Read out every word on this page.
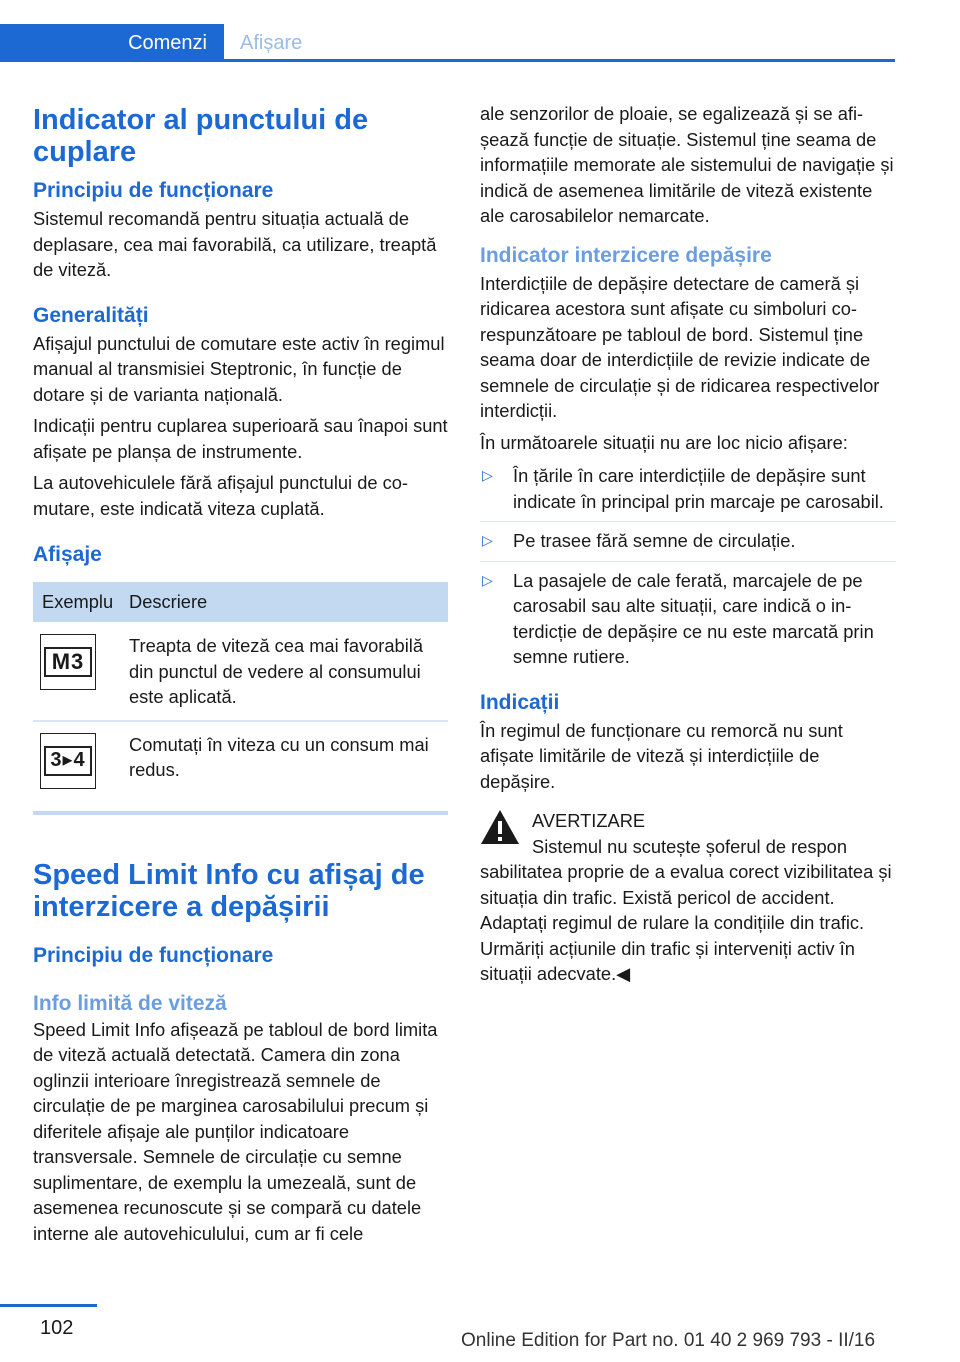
Comenzi	Afișare
Indicator al punctului de cuplare
Principiu de funcționare

Sistemul recomandă pentru situația actuală de deplasare, cea mai favorabilă, ca utilizare, treaptă de viteză.

Generalități

Afișajul punctului de comutare este activ în regimul manual al transmisiei Steptronic, în funcție de dotare și de varianta națională.

Indicații pentru cuplarea superioară sau înapoi sunt afișate pe planșa de instrumente.

La autovehiculele fără afișajul punctului de comutare, este indicată viteza cuplată.

Afișaje
Exemplu	Descriere

M3	Treapta de viteză cea mai favorabilă din punctul de vedere al consumului este aplicată.

3▸4	Comutați în viteza cu un consum mai redus.
Speed Limit Info cu afișaj de interzicere a depășirii
Principiu de funcționare
Info limită de viteză

Speed Limit Info afișează pe tabloul de bord limita de viteză actuală detectată. Camera din zona oglinzii interioare înregistrează semnele de circulație de pe marginea carosabilului precum și diferitele afișaje ale punților indicatoare transversale. Semnele de circulație cu semne suplimentare, de exemplu la umezeală, sunt de asemenea recunoscute și se compară cu datele interne ale autovehiculului, cum ar fi cele

ale senzorilor de ploaie, se egalizează și se afișează funcție de situație. Sistemul ține seama de informațiile memorate ale sistemului de navigație și indică de asemenea limitările de viteză existente ale carosabilelor nemarcate.

Indicator interzicere depășire

Interdicțiile de depășire detectare de cameră și ridicarea acestora sunt afișate cu simboluri corespunzătoare pe tabloul de bord. Sistemul ține seama doar de interdicțiile de revizie indicate de semnele de circulație și de ridicarea respectivelor interdicții.

În următoarele situații nu are loc nicio afișare:

▷ În țările în care interdicțiile de depășire sunt indicate în principal prin marcaje pe carosabil.
▷ Pe trasee fără semne de circulație.
▷ La pasajele de cale ferată, marcajele de pe carosabil sau alte situații, care indică o interdicție de depășire ce nu este marcată prin semne rutiere.
Indicații

În regimul de funcționare cu remorcă nu sunt afișate limitările de viteză și interdicțiile de depășire.

AVERTIZARE

Sistemul nu scutește șoferul de respon

sabilitatea proprie de a evalua corect vizibilitatea și situația din trafic. Există pericol de accident. Adaptați regimul de rulare la condițiile din trafic. Urmăriți acțiunile din trafic și interveniți activ în situații adecvate.◀

102
Online Edition for Part no. 01 40 2 969 793 - II/16
